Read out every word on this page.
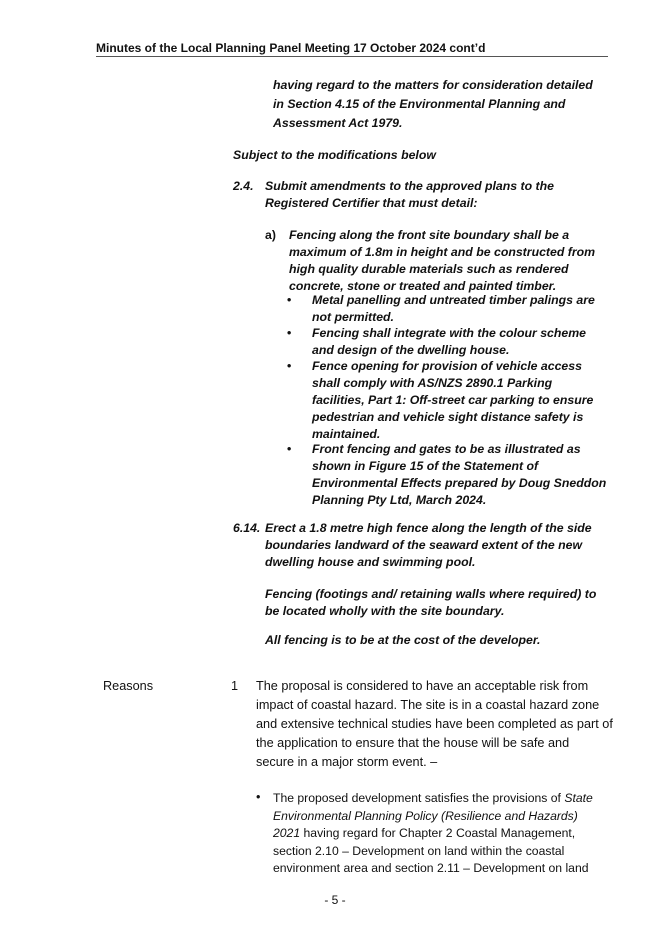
Minutes of the Local Planning Panel Meeting 17 October 2024 cont’d
having regard to the matters for consideration detailed
in Section 4.15 of the Environmental Planning and
Assessment Act 1979.
Subject to the modifications below
2.4. Submit amendments to the approved plans to the
Registered Certifier that must detail:
a) Fencing along the front site boundary shall be a
maximum of 1.8m in height and be constructed from
high quality durable materials such as rendered
concrete, stone or treated and painted timber.
• Metal panelling and untreated timber palings are
not permitted.
• Fencing shall integrate with the colour scheme
and design of the dwelling house.
• Fence opening for provision of vehicle access
shall comply with AS/NZS 2890.1 Parking
facilities, Part 1: Off-street car parking to ensure
pedestrian and vehicle sight distance safety is
maintained.
• Front fencing and gates to be as illustrated as
shown in Figure 15 of the Statement of
Environmental Effects prepared by Doug Sneddon
Planning Pty Ltd, March 2024.
6.14. Erect a 1.8 metre high fence along the length of the side
boundaries landward of the seaward extent of the new
dwelling house and swimming pool.
Fencing (footings and/ retaining walls where required) to
be located wholly with the site boundary.
All fencing is to be at the cost of the developer.
Reasons	1 The proposal is considered to have an acceptable risk from
impact of coastal hazard. The site is in a coastal hazard zone
and extensive technical studies have been completed as part of
the application to ensure that the house will be safe and
secure in a major storm event. –
• The proposed development satisfies the provisions of State
Environmental Planning Policy (Resilience and Hazards)
2021 having regard for Chapter 2 Coastal Management,
section 2.10 – Development on land within the coastal
environment area and section 2.11 – Development on land
- 5 -
